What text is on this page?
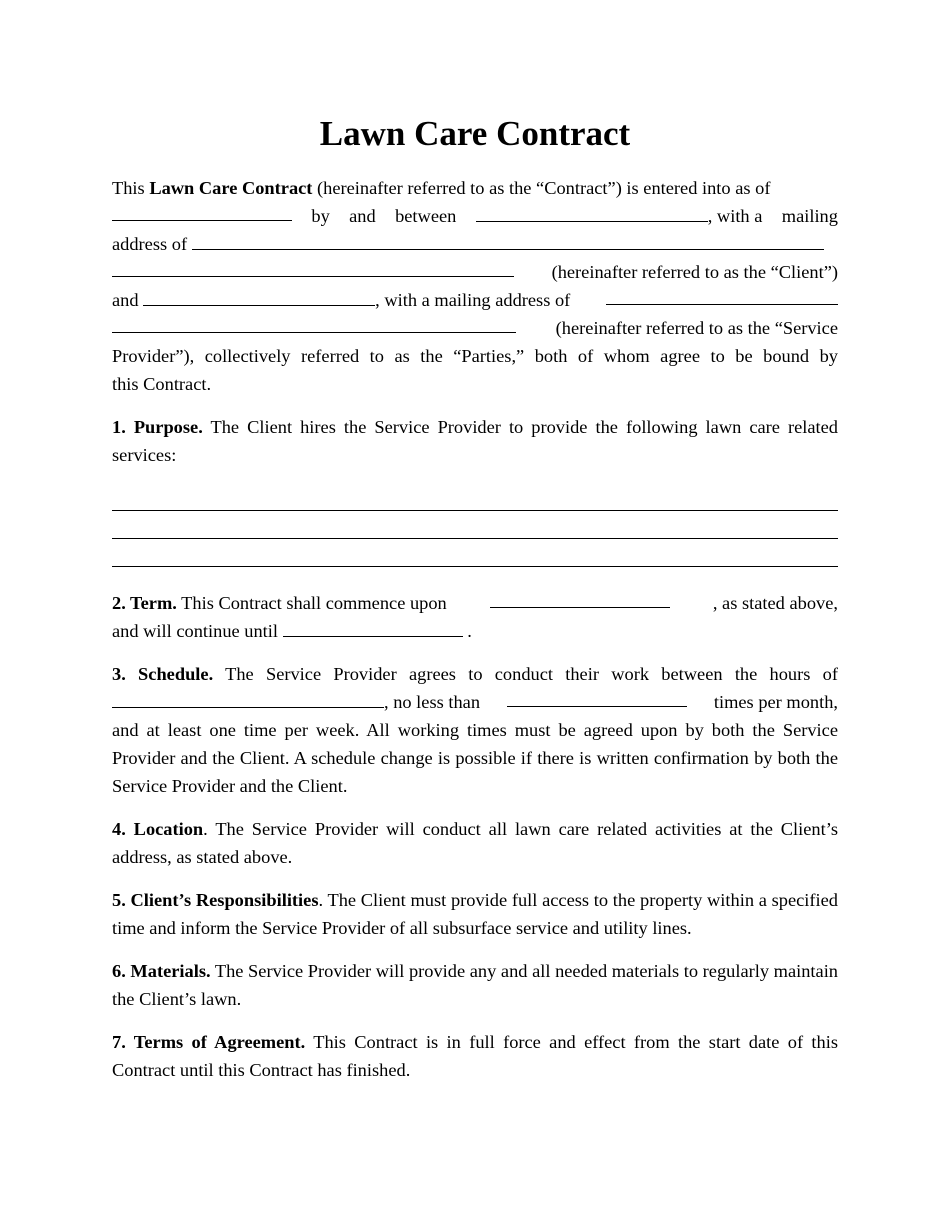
Lawn Care Contract
This Lawn Care Contract (hereinafter referred to as the “Contract”) is entered into as of
by and between	, with a mailing
address of
(hereinafter referred to as the “Client”)
and	, with a mailing address of
(hereinafter referred to as the “Service
Provider”), collectively referred to as the “Parties,” both of whom agree to be bound by
this Contract.

1. Purpose. The Client hires the Service Provider to provide the following lawn care related services:

2. Term. This Contract shall commence upon	, as stated above,
and will continue until	.
3. Schedule. The Service Provider agrees to conduct their work between the hours of
, no less than	times per month,

and at least one time per week. All working times must be agreed upon by both the Service Provider and the Client. A schedule change is possible if there is written confirmation by both the Service Provider and the Client.

4. Location. The Service Provider will conduct all lawn care related activities at the Client’s address, as stated above.

5. Client’s Responsibilities. The Client must provide full access to the property within a specified time and inform the Service Provider of all subsurface service and utility lines.

6. Materials. The Service Provider will provide any and all needed materials to regularly maintain the Client’s lawn.

7. Terms of Agreement. This Contract is in full force and effect from the start date of this Contract until this Contract has finished.
